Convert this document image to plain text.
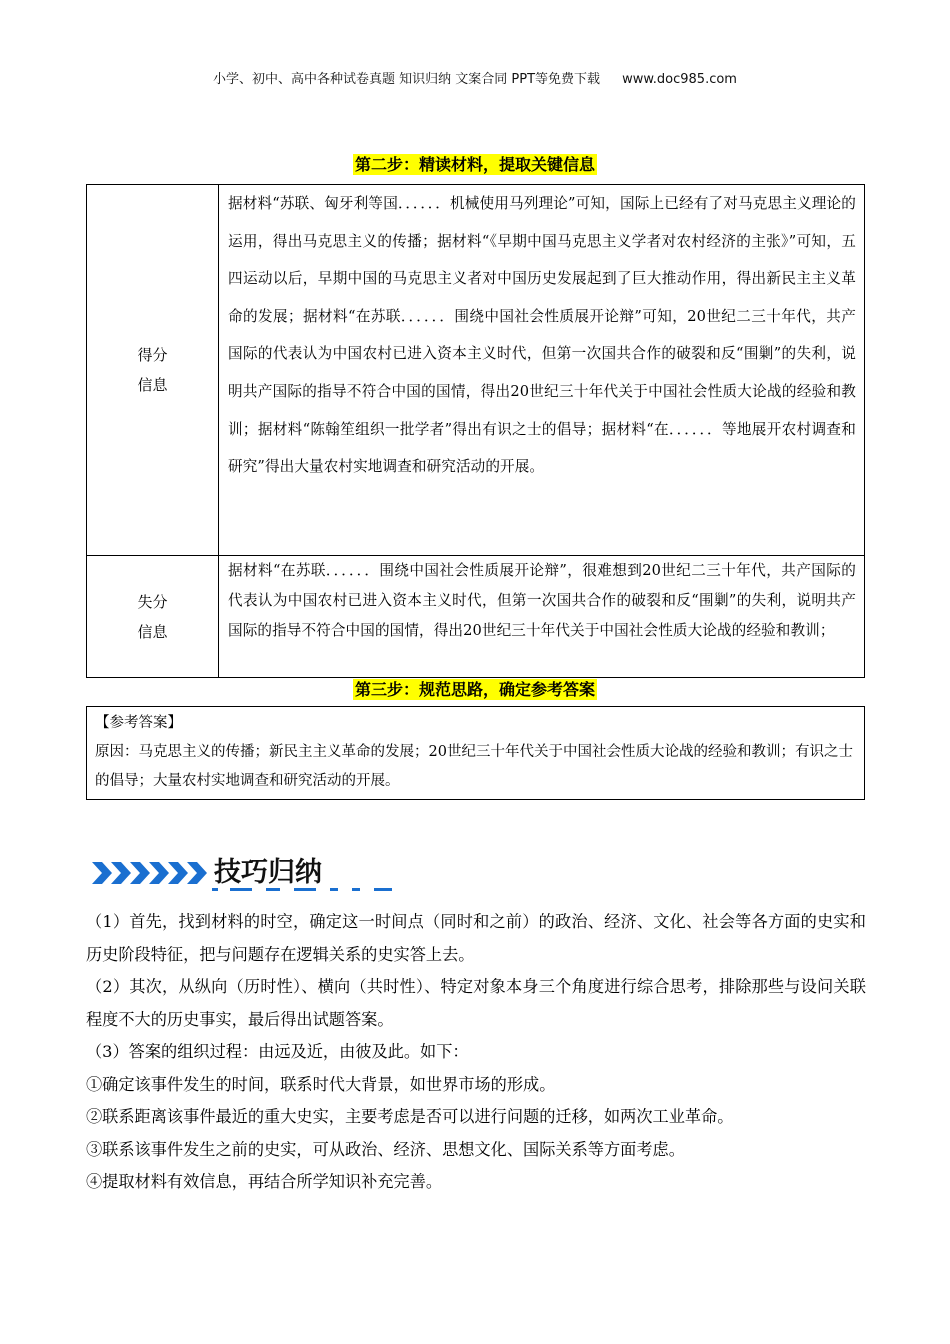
小学、初中、高中各种试卷真题 知识归纳 文案合同 PPT等免费下载 www.doc985.com
第二步：精读材料，提取关键信息
得分
信息	据材料“苏联、匈牙利等国．．．．．．机械使用马列理论”可知，国际上已经有了对马克思主义理论的运用，得出马克思主义的传播；据材料“《早期中国马克思主义学者对农村经济的主张》”可知，五四运动以后，早期中国的马克思主义者对中国历史发展起到了巨大推动作用，得出新民主主义革命的发展；据材料“在苏联．．．．．．围绕中国社会性质展开论辩”可知，20世纪二三十年代，共产国际的代表认为中国农村已进入资本主义时代，但第一次国共合作的破裂和反“围剿”的失利，说明共产国际的指导不符合中国的国情，得出20世纪三十年代关于中国社会性质大论战的经验和教训；据材料“陈翰笙组织一批学者”得出有识之士的倡导；据材料“在．．．．．．等地展开农村调查和研究”得出大量农村实地调查和研究活动的开展。

失分
信息	据材料“在苏联．．．．．．围绕中国社会性质展开论辩”，很难想到20世纪二三十年代，共产国际的代表认为中国农村已进入资本主义时代，但第一次国共合作的破裂和反“围剿”的失利，说明共产国际的指导不符合中国的国情，得出20世纪三十年代关于中国社会性质大论战的经验和教训；
第三步：规范思路，确定参考答案
【参考答案】
原因：马克思主义的传播；新民主主义革命的发展；20世纪三十年代关于中国社会性质大论战的经验和教训；有识之士的倡导；大量农村实地调查和研究活动的开展。
技巧归纳

（1）首先，找到材料的时空，确定这一时间点（同时和之前）的政治、经济、文化、社会等各方面的史实和历史阶段特征，把与问题存在逻辑关系的史实答上去。

（2）其次，从纵向（历时性）、横向（共时性）、特定对象本身三个角度进行综合思考，排除那些与设问关联程度不大的历史事实，最后得出试题答案。

（3）答案的组织过程：由远及近，由彼及此。如下：

①确定该事件发生的时间，联系时代大背景，如世界市场的形成。

②联系距离该事件最近的重大史实，主要考虑是否可以进行问题的迁移，如两次工业革命。

③联系该事件发生之前的史实，可从政治、经济、思想文化、国际关系等方面考虑。

④提取材料有效信息，再结合所学知识补充完善。
